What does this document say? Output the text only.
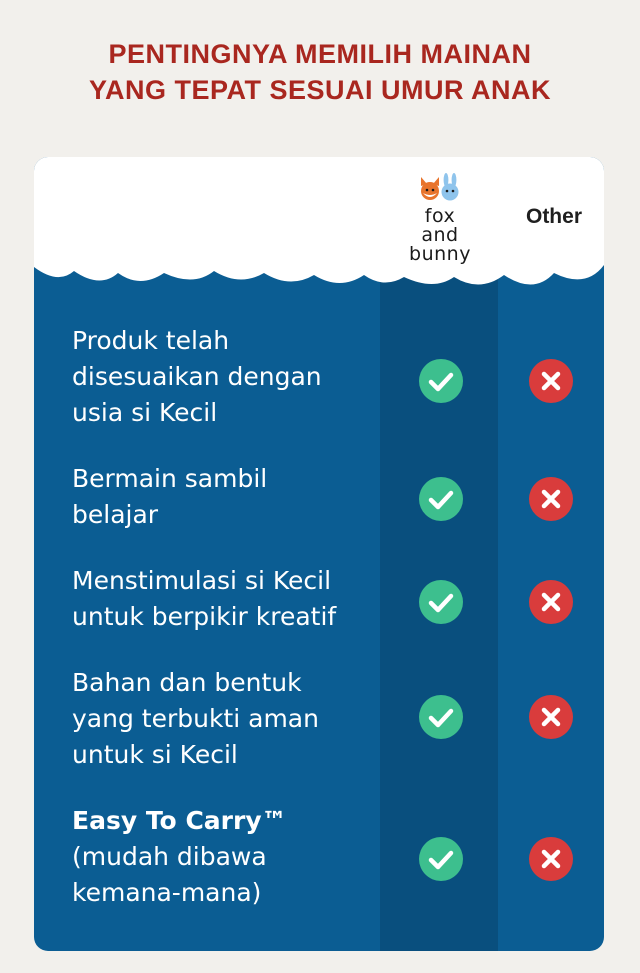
PENTINGNYA MEMILIH MAINAN
YANG TEPAT SESUAI UMUR ANAK
fox
and
bunny
Other
Produk telah
disesuaikan dengan
usia si Kecil
Bermain sambil
belajar
Menstimulasi si Kecil
untuk berpikir kreatif
Bahan dan bentuk
yang terbukti aman
untuk si Kecil
Easy To Carry™
(mudah dibawa
kemana-mana)
